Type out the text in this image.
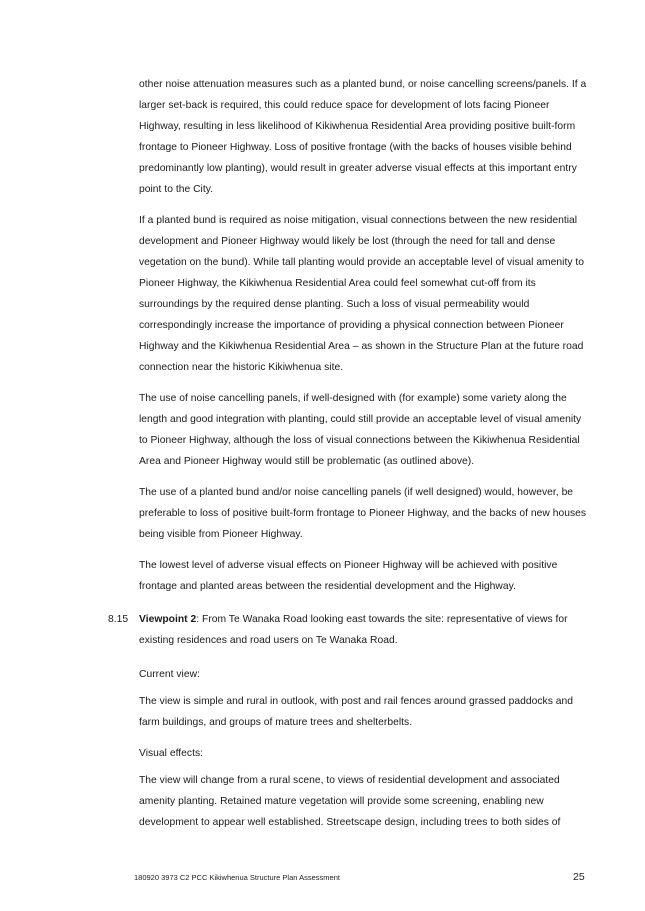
other noise attenuation measures such as a planted bund, or noise cancelling screens/panels. If a larger set-back is required, this could reduce space for development of lots facing Pioneer Highway, resulting in less likelihood of Kikiwhenua Residential Area providing positive built-form frontage to Pioneer Highway. Loss of positive frontage (with the backs of houses visible behind predominantly low planting), would result in greater adverse visual effects at this important entry point to the City.

If a planted bund is required as noise mitigation, visual connections between the new residential development and Pioneer Highway would likely be lost (through the need for tall and dense vegetation on the bund). While tall planting would provide an acceptable level of visual amenity to Pioneer Highway, the Kikiwhenua Residential Area could feel somewhat cut-off from its surroundings by the required dense planting. Such a loss of visual permeability would correspondingly increase the importance of providing a physical connection between Pioneer Highway and the Kikiwhenua Residential Area – as shown in the Structure Plan at the future road connection near the historic Kikiwhenua site.

The use of noise cancelling panels, if well-designed with (for example) some variety along the length and good integration with planting, could still provide an acceptable level of visual amenity to Pioneer Highway, although the loss of visual connections between the Kikiwhenua Residential Area and Pioneer Highway would still be problematic (as outlined above).

The use of a planted bund and/or noise cancelling panels (if well designed) would, however, be preferable to loss of positive built-form frontage to Pioneer Highway, and the backs of new houses being visible from Pioneer Highway.

The lowest level of adverse visual effects on Pioneer Highway will be achieved with positive frontage and planted areas between the residential development and the Highway.

8.15 Viewpoint 2: From Te Wanaka Road looking east towards the site: representative of views for existing residences and road users on Te Wanaka Road.

Current view:

The view is simple and rural in outlook, with post and rail fences around grassed paddocks and farm buildings, and groups of mature trees and shelterbelts.

Visual effects:

The view will change from a rural scene, to views of residential development and associated amenity planting. Retained mature vegetation will provide some screening, enabling new development to appear well established. Streetscape design, including trees to both sides of

180920 3973 C2 PCC Kikiwhenua Structure Plan Assessment	25
